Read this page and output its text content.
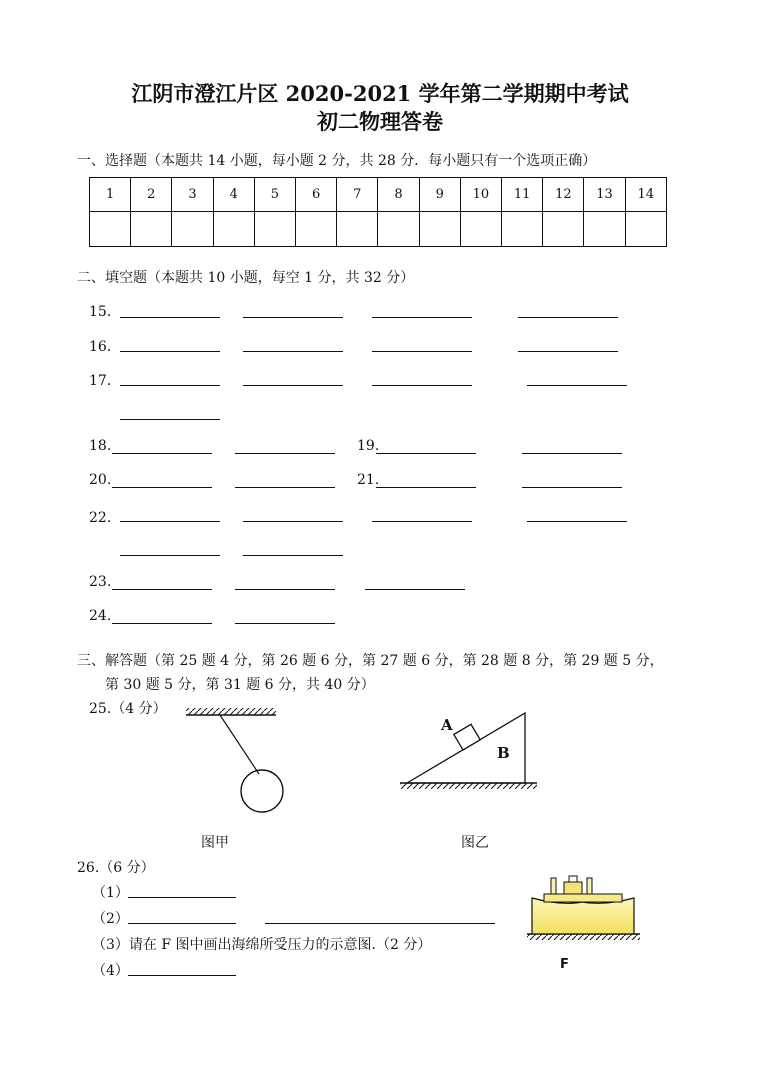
江阴市澄江片区 2020-2021 学年第二学期期中考试
初二物理答卷
一、选择题（本题共 14 小题，每小题 2 分，共 28 分．每小题只有一个选项正确）
1	2	3	4	5	6	7	8	9	10	11	12	13	14

二、填空题（本题共 10 小题，每空 1 分，共 32 分）
15．
16．
17．
18.	19.
20.	21.
22．
23.
24.
三、解答题（第 25 题 4 分，第 26 题 6 分，第 27 题 6 分，第 28 题 8 分，第 29 题 5 分，
第 30 题 5 分，第 31 题 6 分，共 40 分）
25.（4 分）
图甲
A
B
图乙
26.（6 分）
（1）
（2）
（3）请在 F 图中画出海绵所受压力的示意图.（2 分）
（4）	F
